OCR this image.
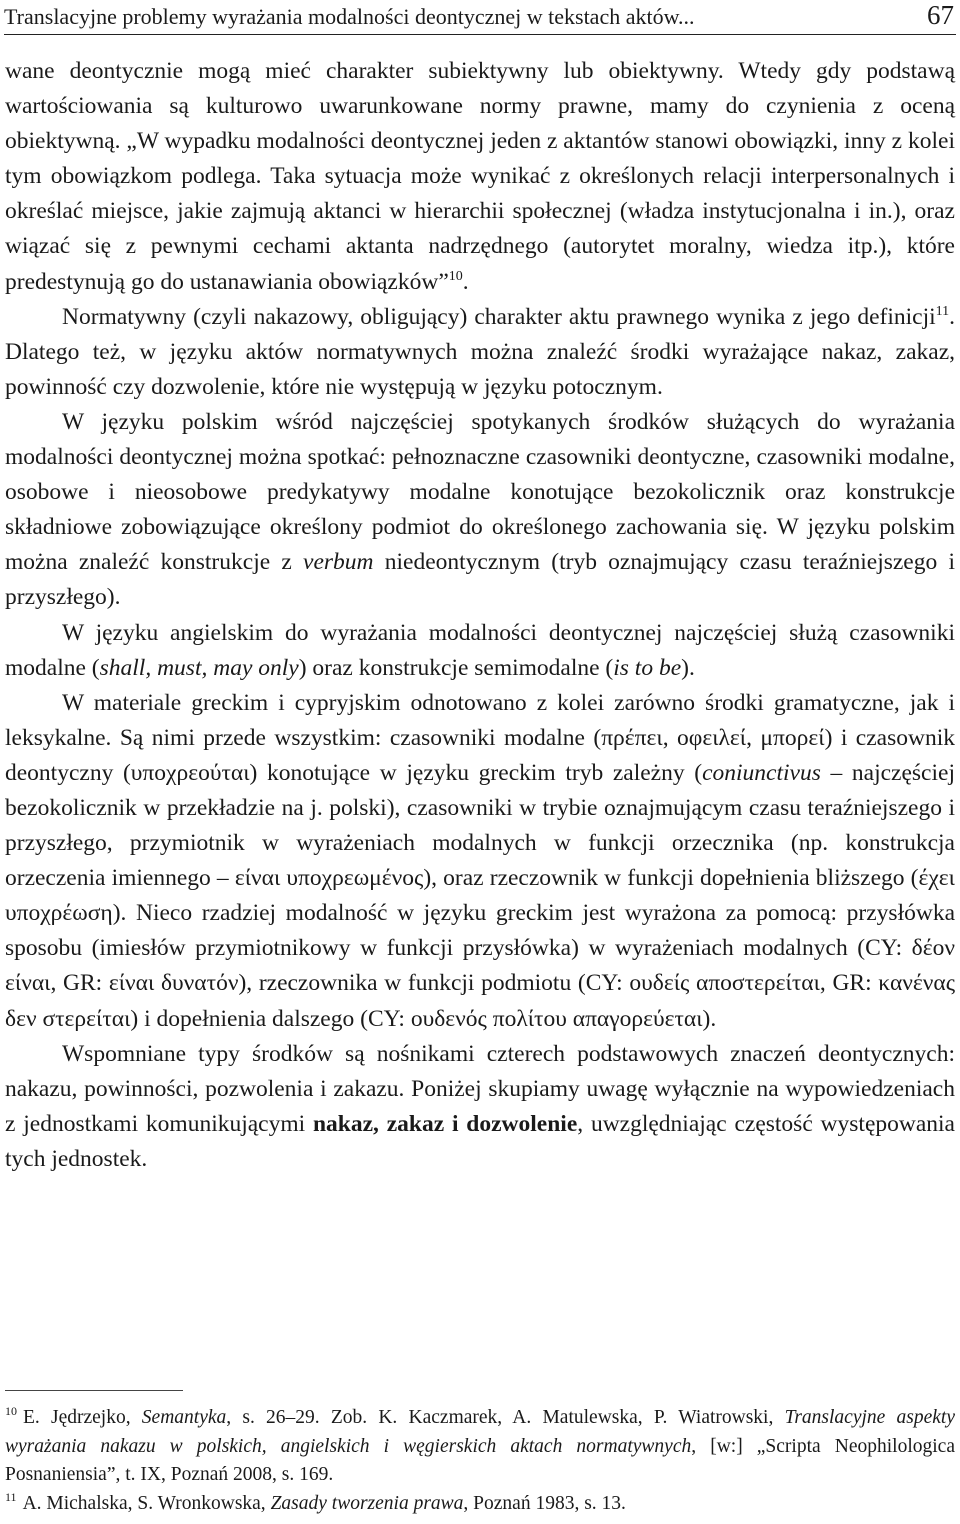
Translacyjne problemy wyrażania modalności deontycznej w tekstach aktów...	67

wane deontycznie mogą mieć charakter subiektywny lub obiektywny. Wtedy gdy podstawą wartościowania są kulturowo uwarunkowane normy prawne, mamy do czynienia z oceną obiektywną. „W wypadku modalności deontycznej jeden z aktantów stanowi obowiązki, inny z kolei tym obowiązkom podlega. Taka sytuacja może wynikać z określonych relacji interpersonalnych i określać miejsce, jakie zajmują aktanci w hierarchii społecznej (władza instytucjonalna i in.), oraz wiązać się z pewnymi cechami aktanta nadrzędnego (autorytet moralny, wiedza itp.), które predestynują go do ustanawiania obowiązków”$^{10}$.

Normatywny (czyli nakazowy, obligujący) charakter aktu prawnego wynika z jego definicji$^{11}$. Dlatego też, w języku aktów normatywnych można znaleźć środki wyrażające nakaz, zakaz, powinność czy dozwolenie, które nie występują w języku potocznym.

W języku polskim wśród najczęściej spotykanych środków służących do wyrażania modalności deontycznej można spotkać: pełnoznaczne czasowniki deontyczne, czasowniki modalne, osobowe i nieosobowe predykatywy modalne konotujące bezokolicznik oraz konstrukcje składniowe zobowiązujące określony podmiot do określonego zachowania się. W języku polskim można znaleźć konstrukcje z verbum niedeontycznym (tryb oznajmujący czasu teraźniejszego i przyszłego).

W języku angielskim do wyrażania modalności deontycznej najczęściej służą czasowniki modalne (shall, must, may only) oraz konstrukcje semimodalne (is to be).

W materiale greckim i cypryjskim odnotowano z kolei zarówno środki gramatyczne, jak i leksykalne. Są nimi przede wszystkim: czasowniki modalne (πρέπει, οφειλεί, μπορεί) i czasownik deontyczny (υποχρεούται) konotujące w języku greckim tryb zależny (coniunctivus – najczęściej bezokolicznik w przekładzie na j. polski), czasowniki w trybie oznajmującym czasu teraźniejszego i przyszłego, przymiotnik w wyrażeniach modalnych w funkcji orzecznika (np. konstrukcja orzeczenia imiennego – είναι υποχρεωμένος), oraz rzeczownik w funkcji dopełnienia bliższego (έχει υποχρέωση). Nieco rzadziej modalność w języku greckim jest wyrażona za pomocą: przysłówka sposobu (imiesłów przymiotnikowy w funkcji przysłówka) w wyrażeniach modalnych (CY: δέον είναι, GR: είναι δυνατόν), rzeczownika w funkcji podmiotu (CY: ουδείς αποστερείται, GR: κανένας δεν στερείται) i dopełnienia dalszego (CY: ουδενός πολίτου απαγορεύεται).

Wspomniane typy środków są nośnikami czterech podstawowych znaczeń deontycznych: nakazu, powinności, pozwolenia i zakazu. Poniżej skupiamy uwagę wyłącznie na wypowiedzeniach z jednostkami komunikującymi nakaz, zakaz i dozwolenie, uwzględniając częstość występowania tych jednostek.

$^{10}$ E. Jędrzejko, Semantyka, s. 26–29. Zob. K. Kaczmarek, A. Matulewska, P. Wiatrowski, Translacyjne aspekty wyrażania nakazu w polskich, angielskich i węgierskich aktach normatywnych, [w:] „Scripta Neophilologica Posnaniensia”, t. IX, Poznań 2008, s. 169.

$^{11}$ A. Michalska, S. Wronkowska, Zasady tworzenia prawa, Poznań 1983, s. 13.
